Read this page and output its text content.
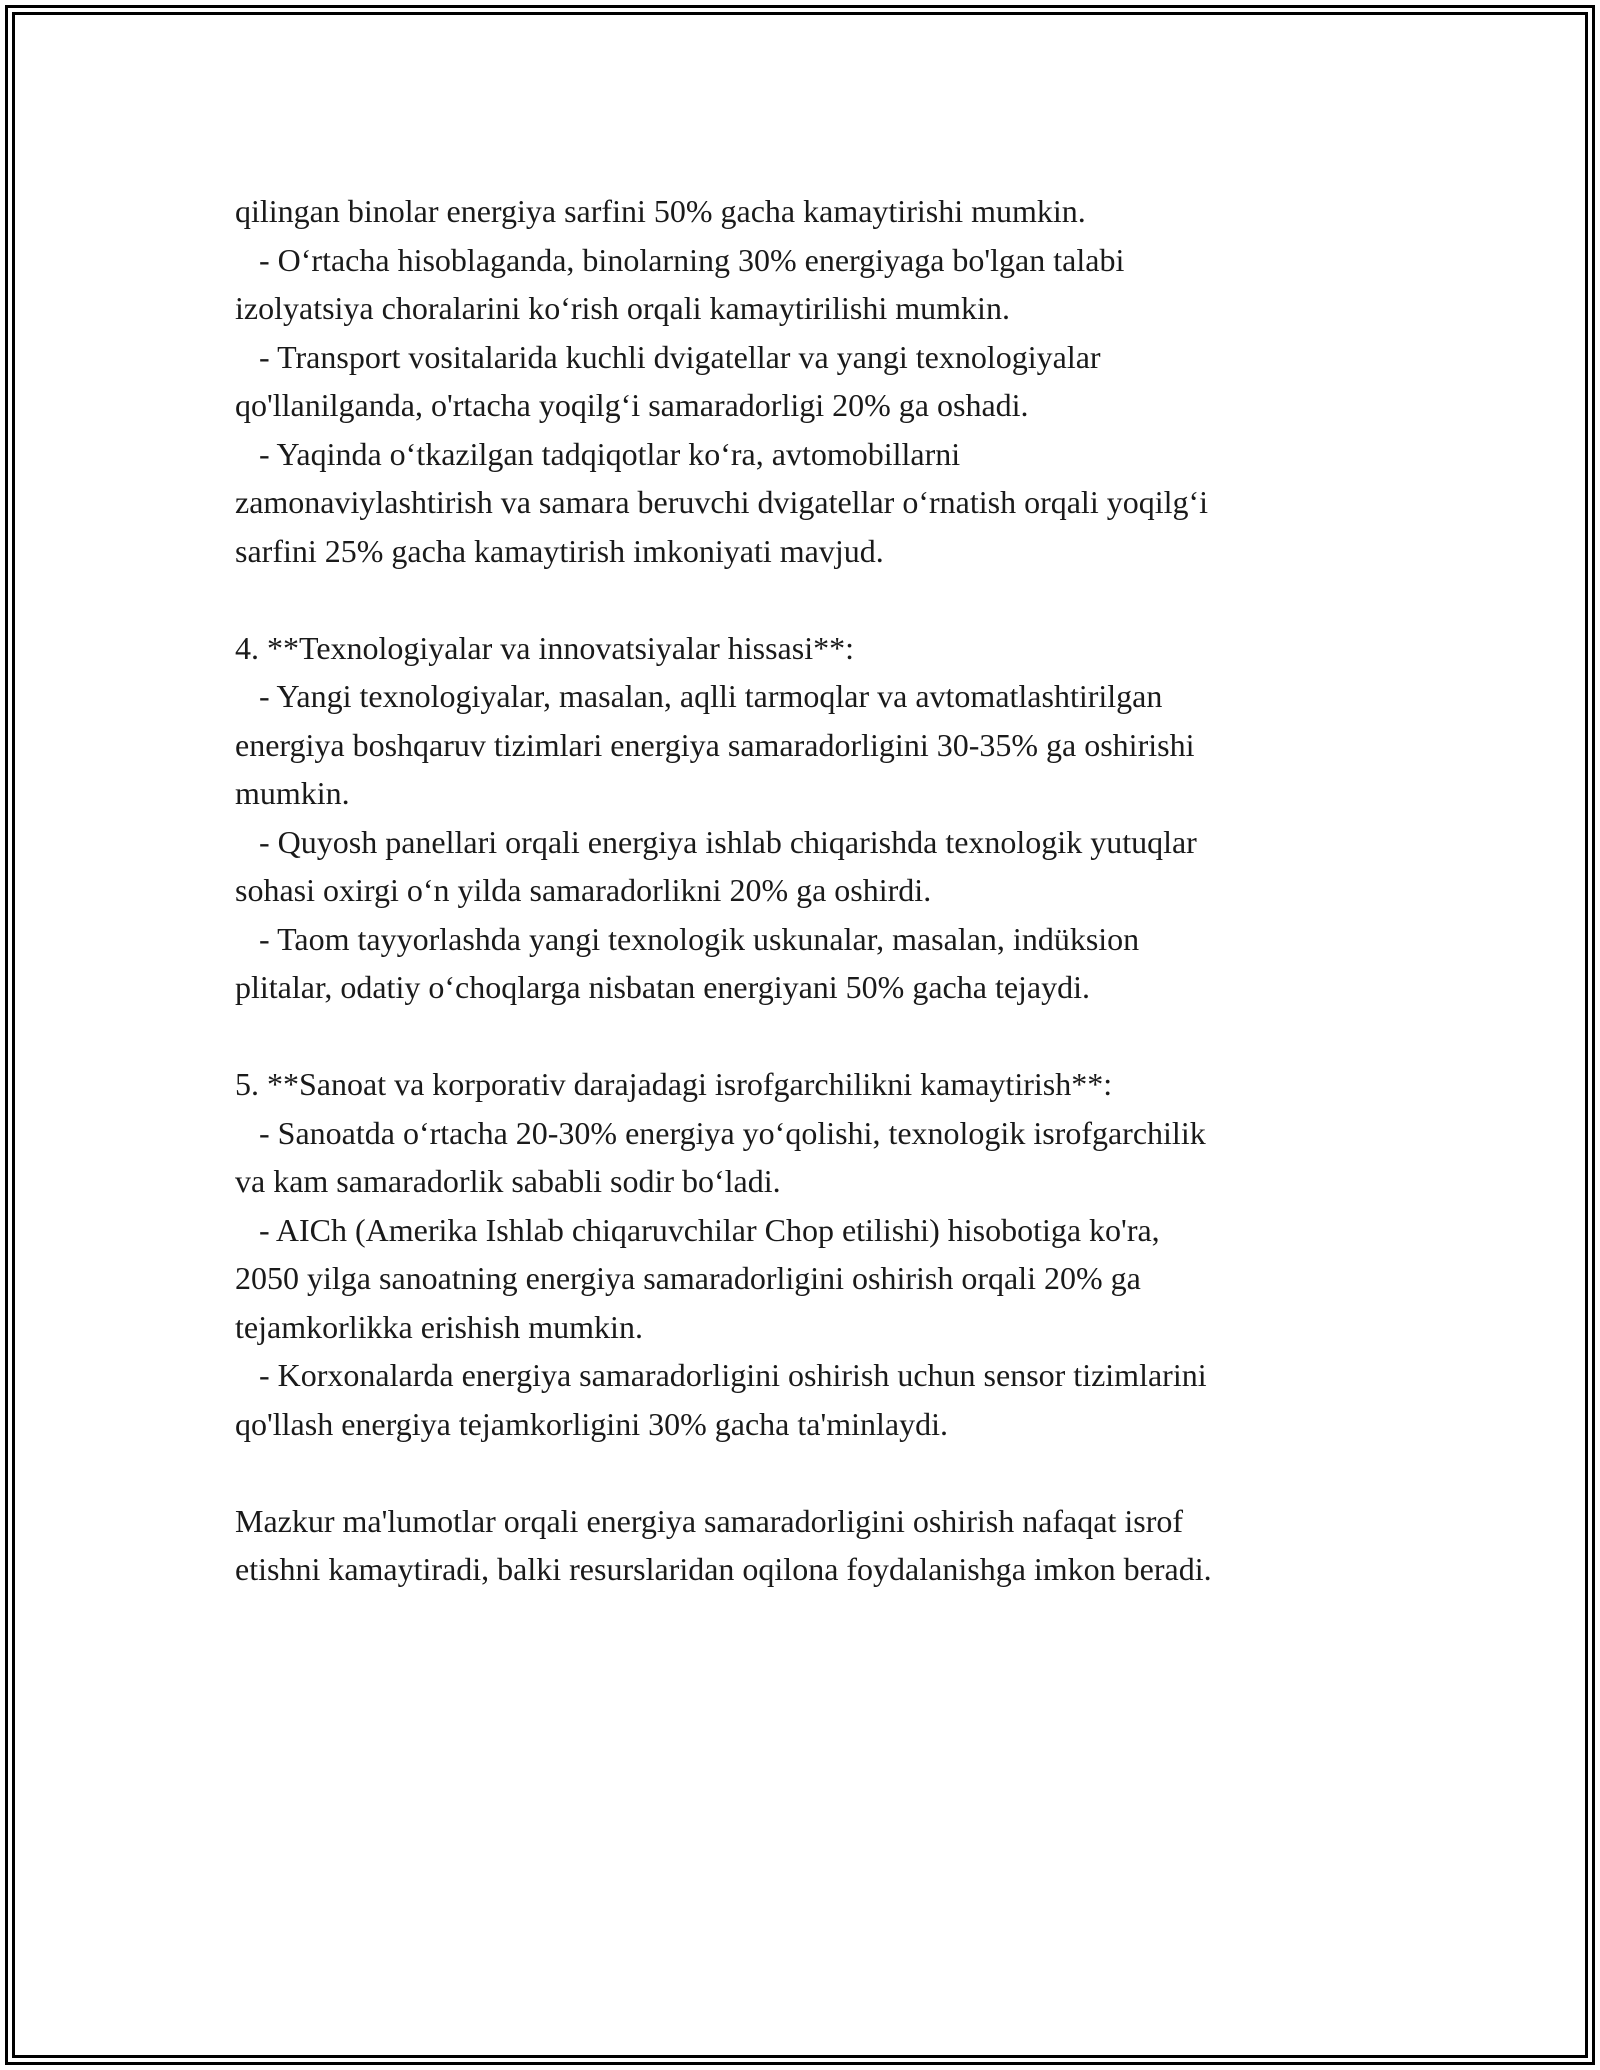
qilingan binolar energiya sarfini 50% gacha kamaytirishi mumkin.
- O‘rtacha hisoblaganda, binolarning 30% energiyaga bo'lgan talabi
izolyatsiya choralarini ko‘rish orqali kamaytirilishi mumkin.
- Transport vositalarida kuchli dvigatellar va yangi texnologiyalar
qo'llanilganda, o'rtacha yoqilg‘i samaradorligi 20% ga oshadi.
- Yaqinda o‘tkazilgan tadqiqotlar ko‘ra, avtomobillarni
zamonaviylashtirish va samara beruvchi dvigatellar o‘rnatish orqali yoqilg‘i
sarfini 25% gacha kamaytirish imkoniyati mavjud.
4. **Texnologiyalar va innovatsiyalar hissasi**:
- Yangi texnologiyalar, masalan, aqlli tarmoqlar va avtomatlashtirilgan
energiya boshqaruv tizimlari energiya samaradorligini 30-35% ga oshirishi
mumkin.
- Quyosh panellari orqali energiya ishlab chiqarishda texnologik yutuqlar
sohasi oxirgi o‘n yilda samaradorlikni 20% ga oshirdi.
- Taom tayyorlashda yangi texnologik uskunalar, masalan, indüksion
plitalar, odatiy o‘choqlarga nisbatan energiyani 50% gacha tejaydi.
5. **Sanoat va korporativ darajadagi isrofgarchilikni kamaytirish**:
- Sanoatda o‘rtacha 20-30% energiya yo‘qolishi, texnologik isrofgarchilik
va kam samaradorlik sababli sodir bo‘ladi.
- AICh (Amerika Ishlab chiqaruvchilar Chop etilishi) hisobotiga ko'ra,
2050 yilga sanoatning energiya samaradorligini oshirish orqali 20% ga
tejamkorlikka erishish mumkin.
- Korxonalarda energiya samaradorligini oshirish uchun sensor tizimlarini
qo'llash energiya tejamkorligini 30% gacha ta'minlaydi.
Mazkur ma'lumotlar orqali energiya samaradorligini oshirish nafaqat isrof
etishni kamaytiradi, balki resurslaridan oqilona foydalanishga imkon beradi.
